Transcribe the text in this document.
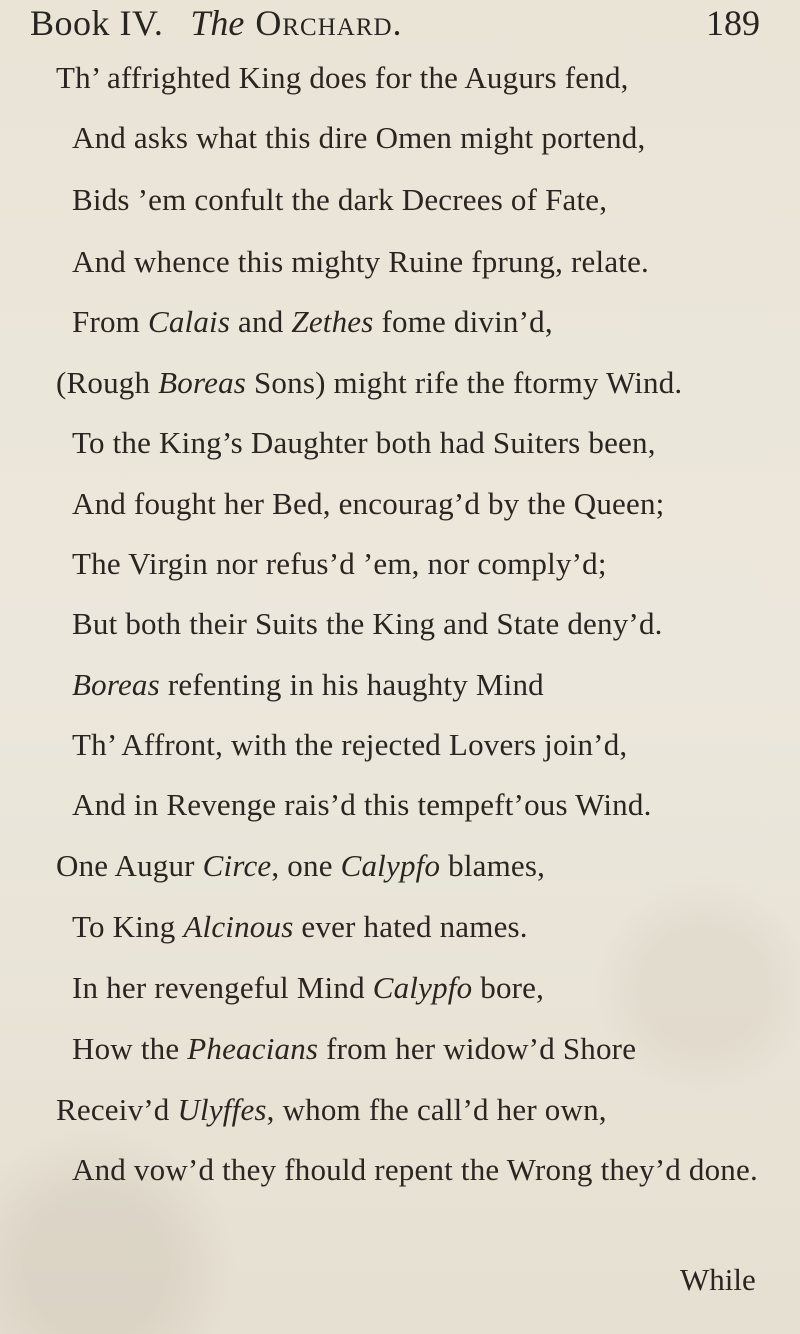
Book IV. The Orchard.	189
Th’ affrighted King does for the Augurs fend,
And asks what this dire Omen might portend,
Bids ’em confult the dark Decrees of Fate,
And whence this mighty Ruine fprung, relate.
From Calais and Zethes fome divin’d,
(Rough Boreas Sons) might rife the ftormy Wind.
To the King’s Daughter both had Suiters been,
And fought her Bed, encourag’d by the Queen;
The Virgin nor refus’d ’em, nor comply’d;
But both their Suits the King and State deny’d.
Boreas refenting in his haughty Mind
Th’ Affront, with the rejected Lovers join’d,
And in Revenge rais’d this tempeft’ous Wind.
One Augur Circe, one Calypfo blames,
To King Alcinous ever hated names.
In her revengeful Mind Calypfo bore,
How the Pheacians from her widow’d Shore
Receiv’d Ulyffes, whom fhe call’d her own,
And vow’d they fhould repent the Wrong they’d done.
While
